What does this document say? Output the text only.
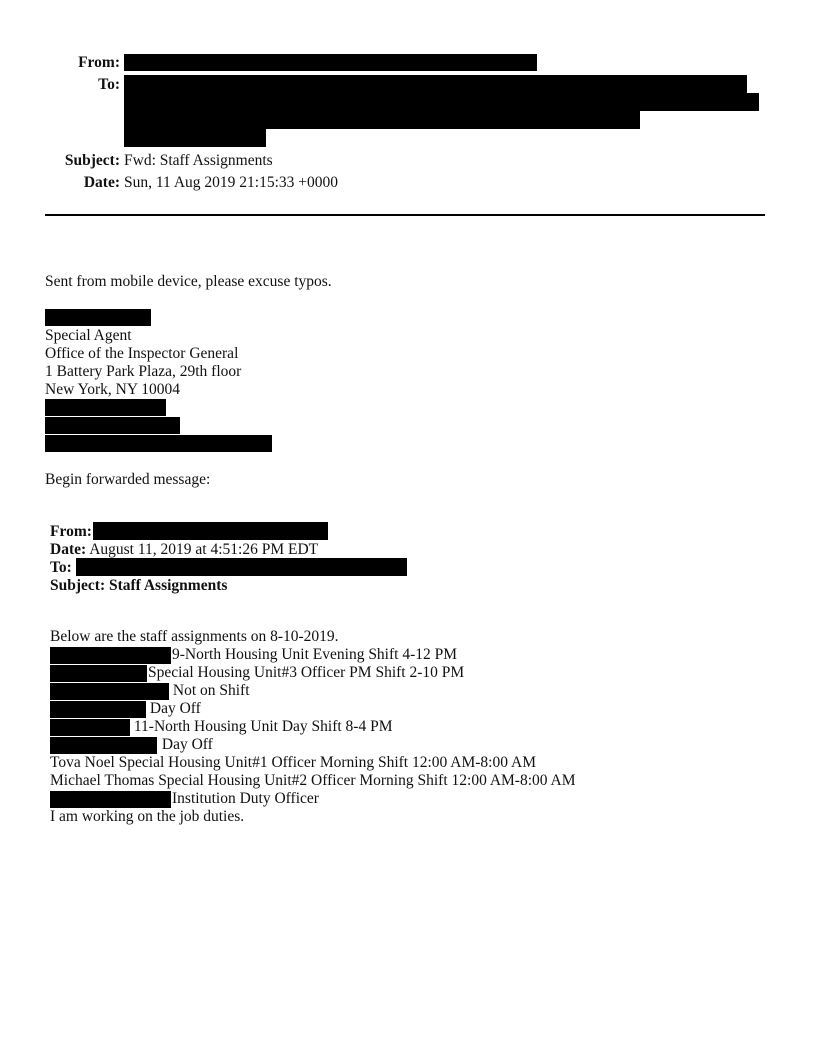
From:
To:
Subject: Fwd: Staff Assignments
Date: Sun, 11 Aug 2019 21:15:33 +0000
Sent from mobile device, please excuse typos.
Special Agent
Office of the Inspector General
1 Battery Park Plaza, 29th floor
New York, NY 10004
Begin forwarded message:
From:
Date: August 11, 2019 at 4:51:26 PM EDT
To:
Subject: Staff Assignments
Below are the staff assignments on 8-10-2019.
9-North Housing Unit Evening Shift 4-12 PM
Special Housing Unit#3 Officer PM Shift 2-10 PM
Not on Shift
Day Off
11-North Housing Unit Day Shift 8-4 PM
Day Off
Tova Noel Special Housing Unit#1 Officer Morning Shift 12:00 AM-8:00 AM
Michael Thomas Special Housing Unit#2 Officer Morning Shift 12:00 AM-8:00 AM
Institution Duty Officer
I am working on the job duties.
